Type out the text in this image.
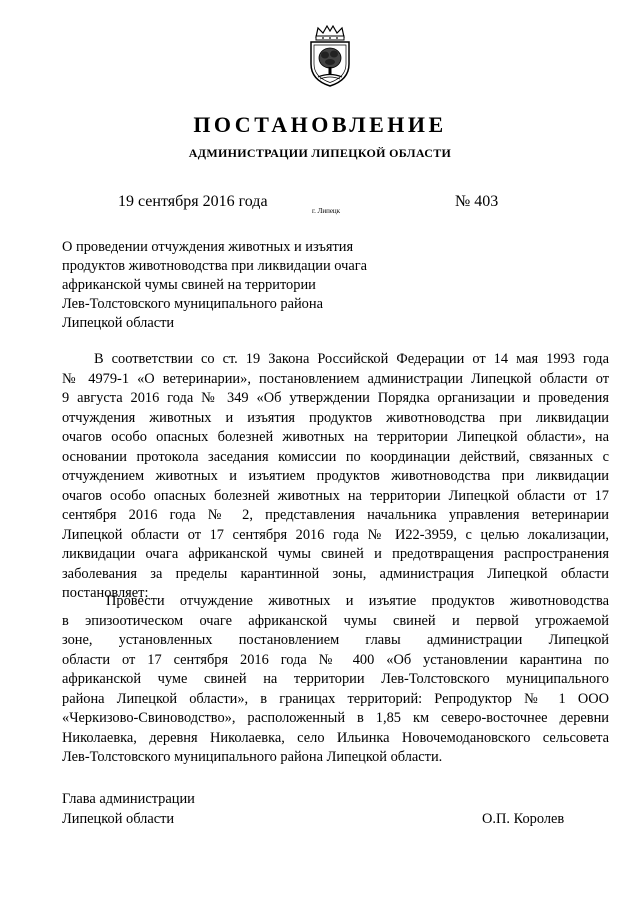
ПОСТАНОВЛЕНИЕ
АДМИНИСТРАЦИИ ЛИПЕЦКОЙ ОБЛАСТИ
19 сентября 2016 года
г. Липецк
№ 403
О проведении отчуждения животных и изъятия
продуктов животноводства при ликвидации очага
африканской чумы свиней на территории
Лев-Толстовского муниципального района
Липецкой области
В соответствии со ст. 19 Закона Российской Федерации от 14 мая 1993 года
№ 4979-1 «О ветеринарии», постановлением администрации Липецкой области от
9 августа 2016 года № 349 «Об утверждении Порядка организации и проведения
отчуждения животных и изъятия продуктов животноводства при ликвидации
очагов особо опасных болезней животных на территории Липецкой области», на
основании протокола заседания комиссии по координации действий, связанных с
отчуждением животных и изъятием продуктов животноводства при ликвидации
очагов особо опасных болезней животных на территории Липецкой области от 17
сентября 2016 года № 2, представления начальника управления ветеринарии
Липецкой области от 17 сентября 2016 года № И22-3959, с целью локализации,
ликвидации очага африканской чумы свиней и предотвращения распространения
заболевания за пределы карантинной зоны, администрация Липецкой области
постановляет:
Провести отчуждение животных и изъятие продуктов животноводства
в эпизоотическом очаге африканской чумы свиней и первой угрожаемой
зоне, установленных постановлением главы администрации Липецкой
области от 17 сентября 2016 года № 400 «Об установлении карантина по
африканской чуме свиней на территории Лев-Толстовского муниципального
района Липецкой области», в границах территорий: Репродуктор № 1 ООО
«Черкизово-Свиноводство», расположенный в 1,85 км северо-восточнее деревни
Николаевка, деревня Николаевка, село Ильинка Новочемодановского сельсовета
Лев-Толстовского муниципального района Липецкой области.
Глава администрации
Липецкой области	О.П. Королев
